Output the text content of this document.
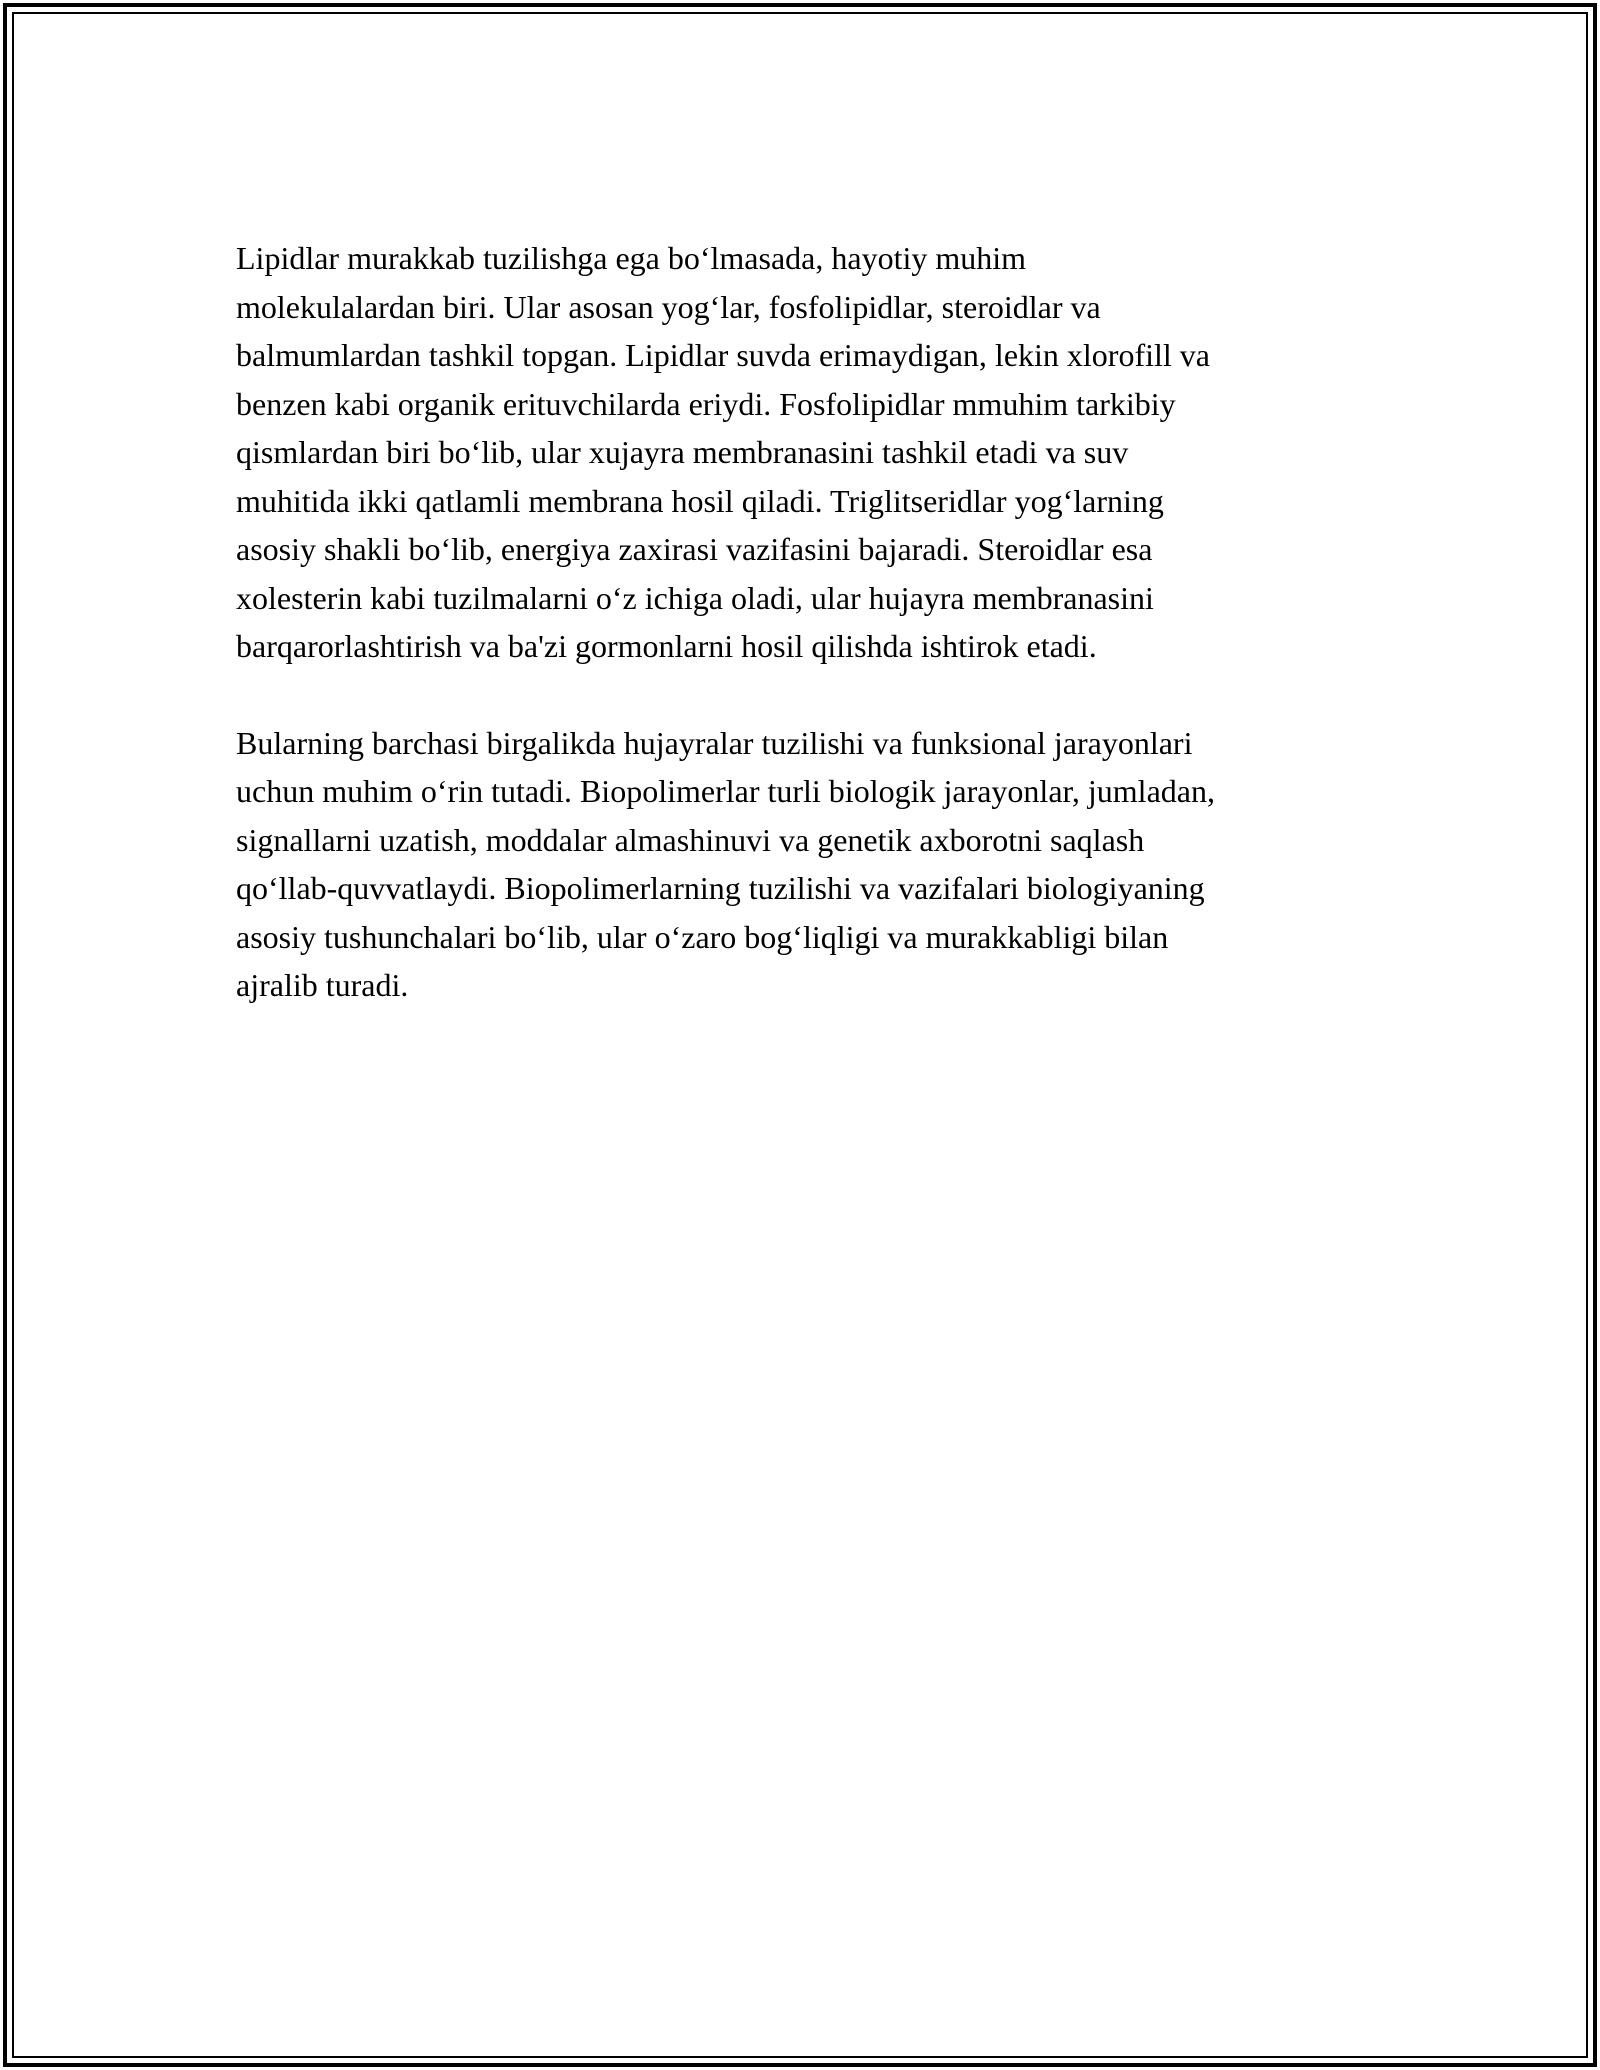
Lipidlar murakkab tuzilishga ega bo‘lmasada, hayotiy muhim
molekulalardan biri. Ular asosan yog‘lar, fosfolipidlar, steroidlar va
balmumlardan tashkil topgan. Lipidlar suvda erimaydigan, lekin xlorofill va
benzen kabi organik erituvchilarda eriydi. Fosfolipidlar mmuhim tarkibiy
qismlardan biri bo‘lib, ular xujayra membranasini tashkil etadi va suv
muhitida ikki qatlamli membrana hosil qiladi. Triglitseridlar yog‘larning
asosiy shakli bo‘lib, energiya zaxirasi vazifasini bajaradi. Steroidlar esa
xolesterin kabi tuzilmalarni o‘z ichiga oladi, ular hujayra membranasini
barqarorlashtirish va ba'zi gormonlarni hosil qilishda ishtirok etadi.

Bularning barchasi birgalikda hujayralar tuzilishi va funksional jarayonlari
uchun muhim o‘rin tutadi. Biopolimerlar turli biologik jarayonlar, jumladan,
signallarni uzatish, moddalar almashinuvi va genetik axborotni saqlash
qo‘llab-quvvatlaydi. Biopolimerlarning tuzilishi va vazifalari biologiyaning
asosiy tushunchalari bo‘lib, ular o‘zaro bog‘liqligi va murakkabligi bilan
ajralib turadi.
